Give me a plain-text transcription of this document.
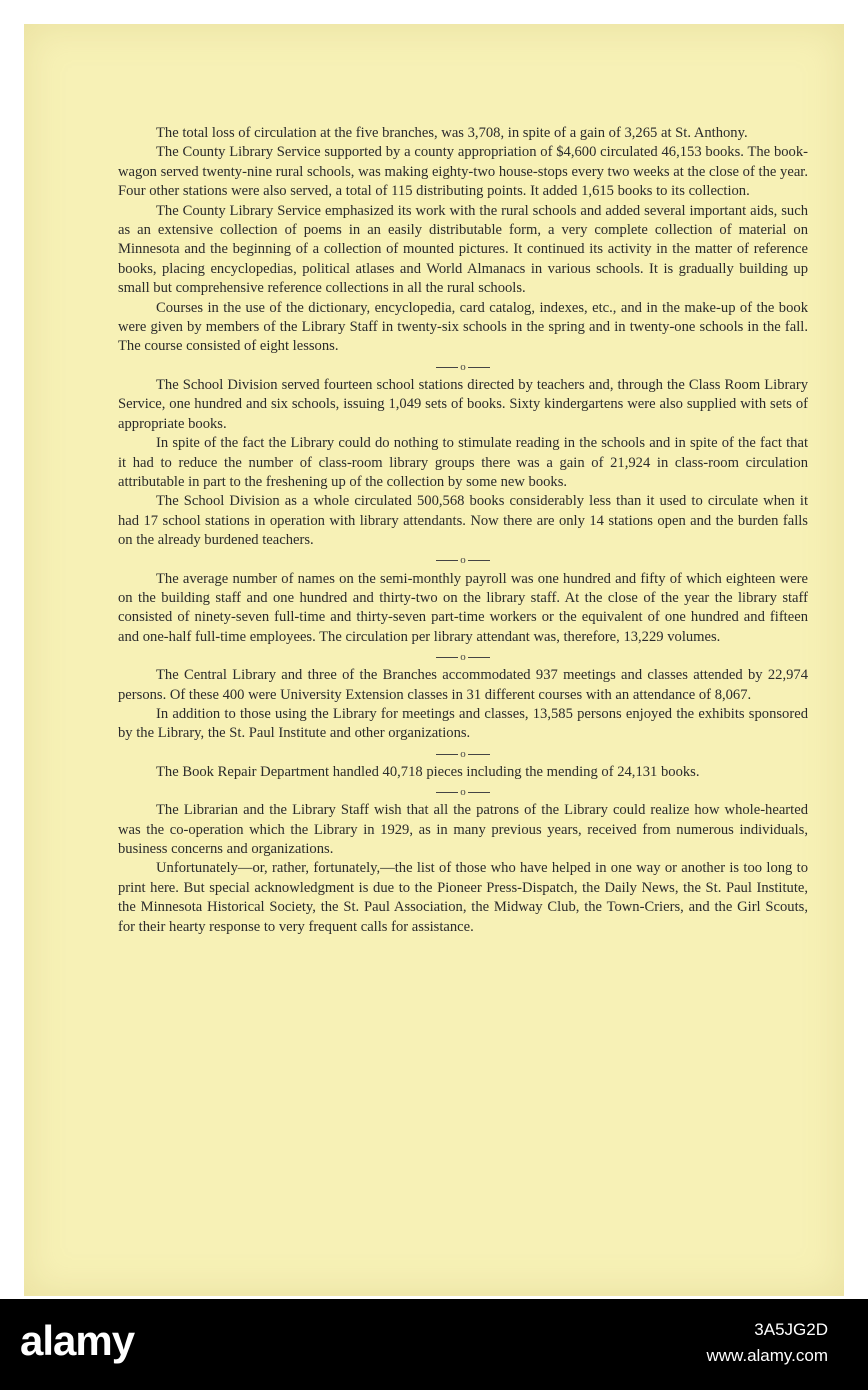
The total loss of circulation at the five branches, was 3,708, in spite of a gain of 3,265 at St. Anthony.

The County Library Service supported by a county appropriation of $4,600 circulated 46,153 books. The book-wagon served twenty-nine rural schools, was making eighty-two house-stops every two weeks at the close of the year. Four other stations were also served, a total of 115 distributing points. It added 1,615 books to its collection.

The County Library Service emphasized its work with the rural schools and added several important aids, such as an extensive collection of poems in an easily distributable form, a very complete collection of material on Minnesota and the beginning of a collection of mounted pictures. It continued its activity in the matter of reference books, placing encyclopedias, political atlases and World Almanacs in various schools. It is gradually building up small but comprehensive reference collections in all the rural schools.

Courses in the use of the dictionary, encyclopedia, card catalog, indexes, etc., and in the make-up of the book were given by members of the Library Staff in twenty-six schools in the spring and in twenty-one schools in the fall. The course consisted of eight lessons.

o

The School Division served fourteen school stations directed by teachers and, through the Class Room Library Service, one hundred and six schools, issuing 1,049 sets of books. Sixty kindergartens were also supplied with sets of appropriate books.

In spite of the fact the Library could do nothing to stimulate reading in the schools and in spite of the fact that it had to reduce the number of class-room library groups there was a gain of 21,924 in class-room circulation attributable in part to the freshening up of the collection by some new books.

The School Division as a whole circulated 500,568 books considerably less than it used to circulate when it had 17 school stations in operation with library attendants. Now there are only 14 stations open and the burden falls on the already burdened teachers.

o

The average number of names on the semi-monthly payroll was one hundred and fifty of which eighteen were on the building staff and one hundred and thirty-two on the library staff. At the close of the year the library staff consisted of ninety-seven full-time and thirty-seven part-time workers or the equivalent of one hundred and fifteen and one-half full-time employees. The circulation per library attendant was, therefore, 13,229 volumes.

o

The Central Library and three of the Branches accommodated 937 meetings and classes attended by 22,974 persons. Of these 400 were University Extension classes in 31 different courses with an attendance of 8,067.

In addition to those using the Library for meetings and classes, 13,585 persons enjoyed the exhibits sponsored by the Library, the St. Paul Institute and other organizations.

o

The Book Repair Department handled 40,718 pieces including the mending of 24,131 books.

o

The Librarian and the Library Staff wish that all the patrons of the Library could realize how whole-hearted was the co-operation which the Library in 1929, as in many previous years, received from numerous individuals, business concerns and organizations.

Unfortunately—or, rather, fortunately,—the list of those who have helped in one way or another is too long to print here. But special acknowledgment is due to the Pioneer Press-Dispatch, the Daily News, the St. Paul Institute, the Minnesota Historical Society, the St. Paul Association, the Midway Club, the Town-Criers, and the Girl Scouts, for their hearty response to very frequent calls for assistance.

alamy	3A5JG2D
www.alamy.com
